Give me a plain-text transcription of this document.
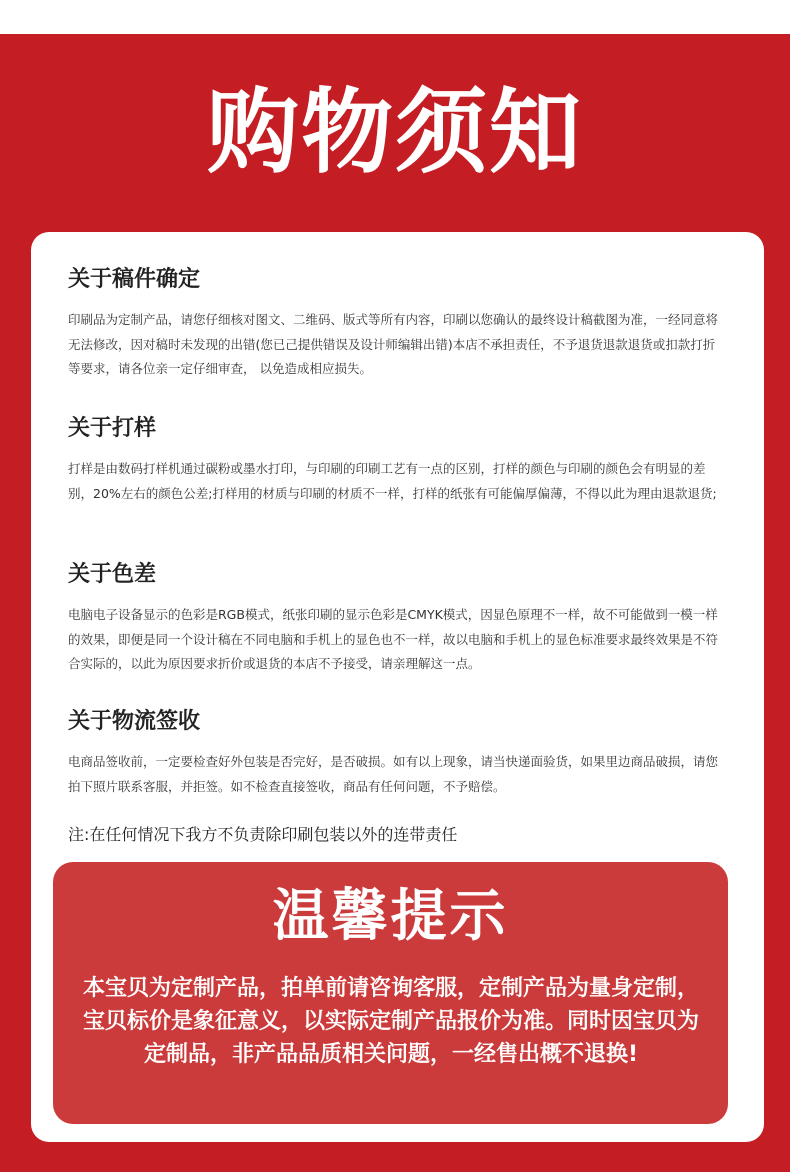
购物须知
关于稿件确定

印刷品为定制产品，请您仔细核对图文、二维码、版式等所有内容，印刷以您确认的最终设计稿截图为准，一经同意将无法修改，因对稿时未发现的出错(您已己提供错误及设计师编辑出错)本店不承担责任，不予退货退款退货或扣款打折等要求，请各位亲一定仔细审查， 以免造成相应损失。

关于打样

打样是由数码打样机通过碳粉或墨水打印，与印刷的印刷工艺有一点的区别，打样的颜色与印刷的颜色会有明显的差别，20%左右的颜色公差;打样用的材质与印刷的材质不一样，打样的纸张有可能偏厚偏薄，不得以此为理由退款退货;

关于色差

电脑电子设备显示的色彩是RGB模式，纸张印刷的显示色彩是CMYK模式，因显色原理不一样，故不可能做到一模一样的效果，即便是同一个设计稿在不同电脑和手机上的显色也不一样，故以电脑和手机上的显色标准要求最终效果是不符合实际的，以此为原因要求折价或退货的本店不予接受，请亲理解这一点。

关于物流签收

电商品签收前，一定要检查好外包装是否完好，是否破损。如有以上现象，请当快递面验货，如果里边商品破损，请您拍下照片联系客服，并拒签。如不检查直接签收，商品有任何问题，不予赔偿。

注:在任何情况下我方不负责除印刷包装以外的连带责任
温馨提示
本宝贝为定制产品，拍单前请咨询客服，定制产品为量身定制，宝贝标价是象征意义，以实际定制产品报价为准。同时因宝贝为定制品，非产品品质相关问题，一经售出概不退换!
